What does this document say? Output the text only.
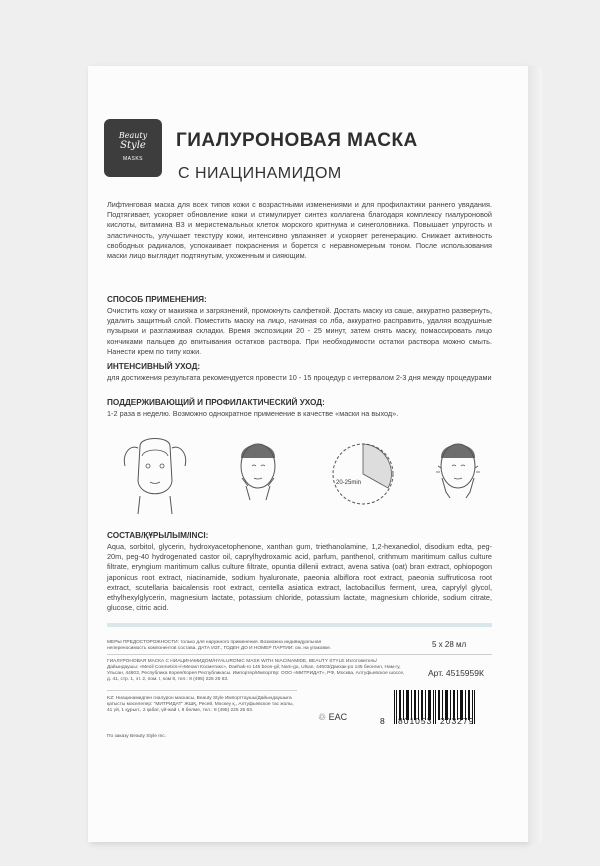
Beauty
Style
MASKS
ГИАЛУРОНОВАЯ МАСКА
С НИАЦИНАМИДОМ
Лифтинговая маска для всех типов кожи с возрастными изменениями и для профилактики раннего увядания. Подтягивает, ускоряет обновление кожи и стимулирует синтез коллагена благодаря комплексу гиалуроновой кислоты, витамина B3 и меристемальных клеток морского критнума и синеголовника. Повышает упругость и эластичность, улучшает текстуру кожи, интенсивно увлажняет и ускоряет регенерацию. Снижает активность свободных радикалов, успокаивает покраснения и борется с неравномерным тоном. После использования маски лицо выглядит подтянутым, ухоженным и сияющим.
СПОСОБ ПРИМЕНЕНИЯ:
Очистить кожу от макияжа и загрязнений, промокнуть салфеткой. Достать маску из саше, аккуратно развернуть, удалить защитный слой. Поместить маску на лицо, начиная со лба, аккуратно расправить, удаляя воздушные пузырьки и разглаживая складки. Время экспозиции 20 - 25 минут, затем снять маску, помассировать лицо кончиками пальцев до впитывания остатков раствора. При необходимости остатки раствора можно смыть. Нанести крем по типу кожи.
ИНТЕНСИВНЫЙ УХОД:
для достижения результата рекомендуется провести 10 - 15 процедур с интервалом 2-3 дня между процедурами
ПОДДЕРЖИВАЮЩИЙ И ПРОФИЛАКТИЧЕСКИЙ УХОД:
1-2 раза в неделю. Возможно однократное применение в качестве «маски на выход».
20-25min
СОСТАВ/ҚҰРЫЛЫМ/INCI:
Aqua, sorbitol, glycerin, hydroxyacetophenone, xanthan gum, triethanolamine, 1,2-hexanediol, disodium edta, peg-20m, peg-40 hydrogenated castor oil, caprylhydroxamic acid, parfum, panthenol, crithmum maritimum callus culture filtrate, eryngium maritimum callus culture filtrate, opuntia dillenii extract, avena sativa (oat) bran extract, ophiopogon japonicus root extract, niacinamide, sodium hyaluronate, paeonia albiflora root extract, paeonia suffruticosa root extract, scutellaria baicalensis root extract, centella asiatica extract, lactobacillus ferment, urea, caprylyl glycol, ethylhexylglycerin, magnesium lactate, potassium chloride, potassium lactate, magnesium chloride, sodium citrate, glucose, citric acid.
МЕРЫ ПРЕДОСТОРОЖНОСТИ: только для наружного применения. Возможна индивидуальная непереносимость компонентов состава. ДАТА ИЗГ., ГОДЕН ДО И НОМЕР ПАРТИИ: см. на упаковке.	5 x 28 мл
ГИАЛУРОНОВАЯ МАСКА С НИАЦИНАМИДОМ/HYALURONIC MASK WITH NIACINAMIDE, BEAUTY STYLE Изготовитель/ Дайындаушы: «Meoil Cosmetics»/«Меоил Косметикс», Daehak-ro 145 beon-gil, Nam-gu, Ulsan, 44603/Даехак-ро 145 беонгил, Нам-гу, Ульсан, 44603, Республика Корея/Корея Республикасы. Импортер/Импортёр: ООО «МИТРИДАТ», РФ, Москва, Алтуфьевское шоссе, д. 41, стр. 1, эт. 2, пом. I, ком 8, тел.: 8 (495) 225 25 63.
Арт. 4515959К
KZ: Ниацинамидпен гиалурон маскасы, Beauty Style Импорттаушы/Дайындаушыға қатысты мәселелер: "МИТРИДАТ" ЖШҚ, Ресей, Мәскеу қ., Алтуфьевское тас жолы, 41 үй, 1 құрыл., 2 қабат, үй-жай I, 8 бөлме, тел.: 8 (495) 225 25 63.
♲ EAC	8 801053 203279
По заказу Beauty Style Inc.
